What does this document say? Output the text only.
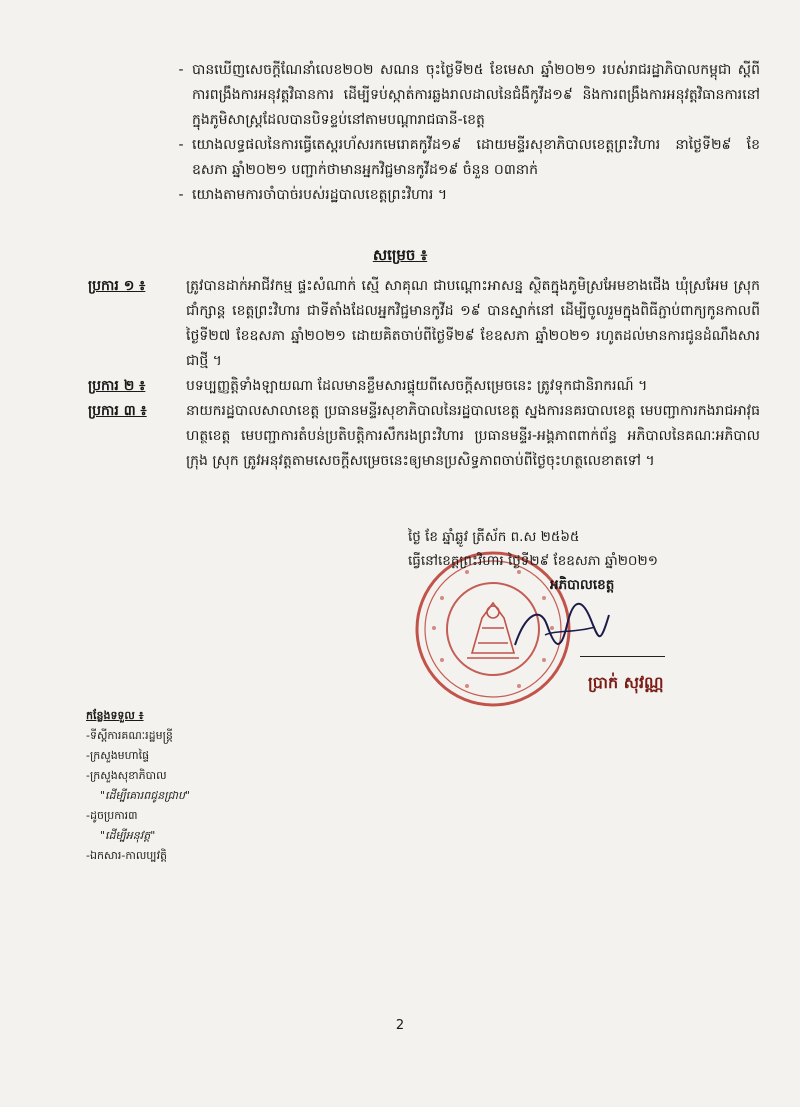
- បានឃើញសេចក្តីណែនាំលេខ២០២ សណន ចុះថ្ងៃទី២៥ ខែមេសា ឆ្នាំ២០២១ របស់រាជរដ្ឋាភិបាលកម្ពុជា ស្តីពីការពង្រឹងការអនុវត្តវិធានការ ដើម្បីទប់ស្កាត់ការឆ្លងរាលដាលនៃជំងឺកូវីដ១៩ និងការពង្រឹងការអនុវត្តវិធានការនៅក្នុងភូមិសាស្ត្រដែលបានបិទខ្ទប់នៅតាមបណ្តារាជធានី-ខេត្ត
- យោងលទ្ធផលនៃការធ្វើតេស្តរហ័សរកមេរោគកូវីដ១៩ ដោយមន្ទីរសុខាភិបាលខេត្តព្រះវិហារ នាថ្ងៃទី២៩ ខែឧសភា ឆ្នាំ២០២១ បញ្ជាក់ថាមានអ្នកវិជ្ជមានកូវីដ១៩ ចំនួន ០៣នាក់
- យោងតាមការចាំបាច់របស់រដ្ឋបាលខេត្តព្រះវិហារ ។
សម្រេច ៖
ប្រការ ១ ៖	ត្រូវបានដាក់អាជីវកម្ម ផ្ទះសំណាក់ ស្មើ សាគុណ ជាបណ្តោះអាសន្ន ស្ថិតក្នុងភូមិស្រអែមខាងជើង ឃុំស្រអែម ស្រុកជាំក្សាន្ត ខេត្តព្រះវិហារ ជាទីតាំងដែលអ្នកវិជ្ជមានកូវីដ ១៩ បានស្នាក់នៅ ដើម្បីចូលរួមក្នុងពិធីភ្ជាប់ពាក្យកូនកាលពីថ្ងៃទី២៧ ខែឧសភា ឆ្នាំ២០២១ ដោយគិតចាប់ពីថ្ងៃទី២៩ ខែឧសភា ឆ្នាំ២០២១ រហូតដល់មានការជូនដំណឹងសារជាថ្មី ។
ប្រការ ២ ៖	បទប្បញ្ញត្តិទាំងឡាយណា ដែលមានខ្លឹមសារផ្ទុយពីសេចក្តីសម្រេចនេះ ត្រូវទុកជានិរាករណ៍ ។
ប្រការ ៣ ៖	នាយករដ្ឋបាលសាលាខេត្ត ប្រធានមន្ទីរសុខាភិបាលនៃរដ្ឋបាលខេត្ត ស្នងការនគរបាលខេត្ត មេបញ្ជាការកងរាជអាវុធហត្ថខេត្ត មេបញ្ជាការតំបន់ប្រតិបត្តិការសឹករងព្រះវិហារ ប្រធានមន្ទីរ-អង្គភាពពាក់ព័ន្ធ អភិបាលនៃគណៈអភិបាលក្រុង ស្រុក ត្រូវអនុវត្តតាមសេចក្តីសម្រេចនេះឲ្យមានប្រសិទ្ធភាពចាប់ពីថ្ងៃចុះហត្ថលេខាតទៅ ។
ថ្ងៃ ខែ ឆ្នាំឆ្លូវ ត្រីស័ក ព.ស ២៥៦៥
ធ្វើនៅខេត្តព្រះវិហារ ថ្ងៃទី២៩ ខែឧសភា ឆ្នាំ២០២១
អភិបាលខេត្ត
ប្រាក់ សុវណ្ណ
កន្លែងទទួល ៖
-ទីស្តីការគណៈរដ្ឋមន្ត្រី
-ក្រសួងមហាផ្ទៃ
-ក្រសួងសុខាភិបាល
"ដើម្បីគោរពជូនជ្រាប"
-ដូចប្រការ៣
"ដើម្បីអនុវត្ត"
-ឯកសារ-កាលប្បវត្តិ
2
